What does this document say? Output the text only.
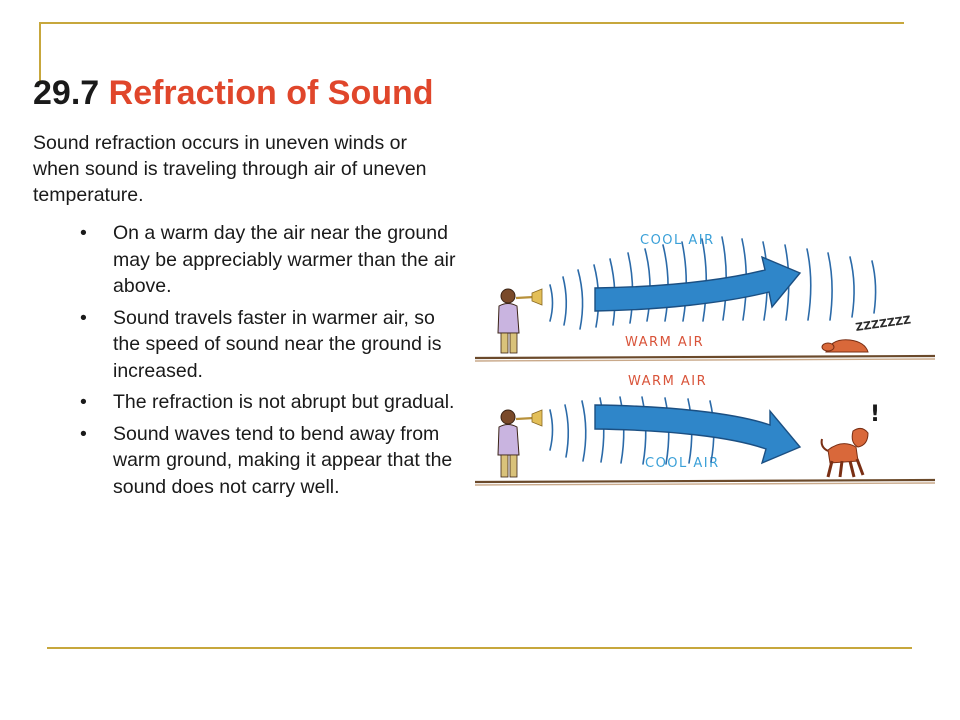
29.7 Refraction of Sound

Sound refraction occurs in uneven winds or when sound is traveling through air of uneven temperature.

• On a warm day the air near the ground may be appreciably warmer than the air above.
• Sound travels faster in warmer air, so the speed of sound near the ground is increased.
• The refraction is not abrupt but gradual.
• Sound waves tend to bend away from warm ground, making it appear that the sound does not carry well.
COOL AIR
WARM AIR
ZZZZZZZ
WARM AIR
COOL AIR
!
